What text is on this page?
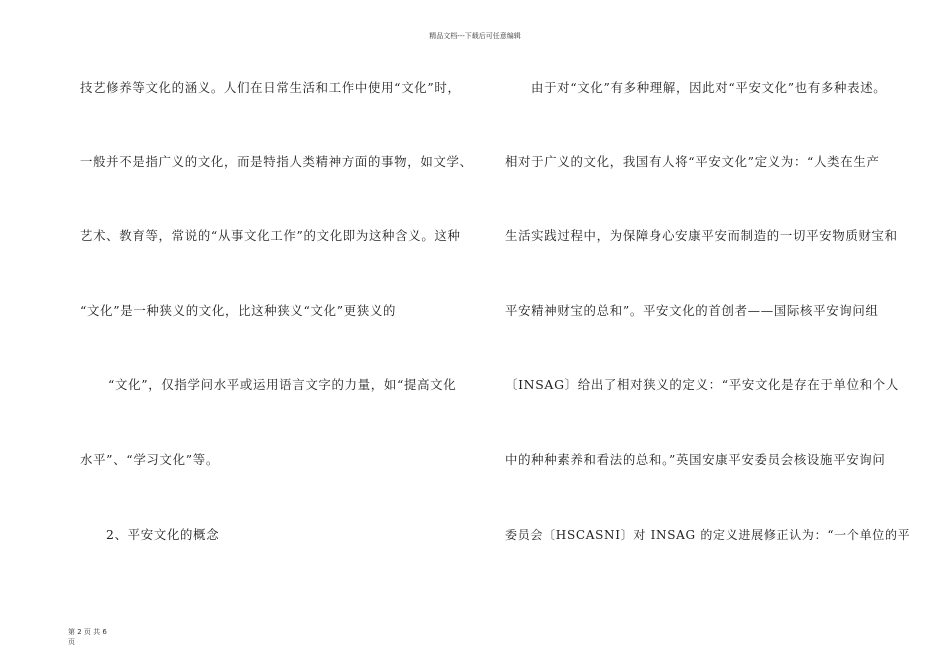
精品文档---下载后可任意编辑
技艺修养等文化的涵义。人们在日常生活和工作中使用“文化”时，
一般并不是指广义的文化，而是特指人类精神方面的事物，如文学、
艺术、教育等，常说的“从事文化工作”的文化即为这种含义。这种
“文化”是一种狭义的文化，比这种狭义“文化”更狭义的
“文化”，仅指学问水平或运用语言文字的力量，如“提高文化
水平”、“学习文化”等。
2、平安文化的概念
由于对“文化”有多种理解，因此对“平安文化”也有多种表述。
相对于广义的文化，我国有人将“平安文化”定义为：“人类在生产
生活实践过程中，为保障身心安康平安而制造的一切平安物质财宝和
平安精神财宝的总和”。平安文化的首创者——国际核平安询问组
〔INSAG〕给出了相对狭义的定义：“平安文化是存在于单位和个人
中的种种素养和看法的总和。”英国安康平安委员会核设施平安询问
委员会〔HSCASNI〕对 INSAG 的定义进展修正认为：“一个单位的平
第 2 页 共 6 页
